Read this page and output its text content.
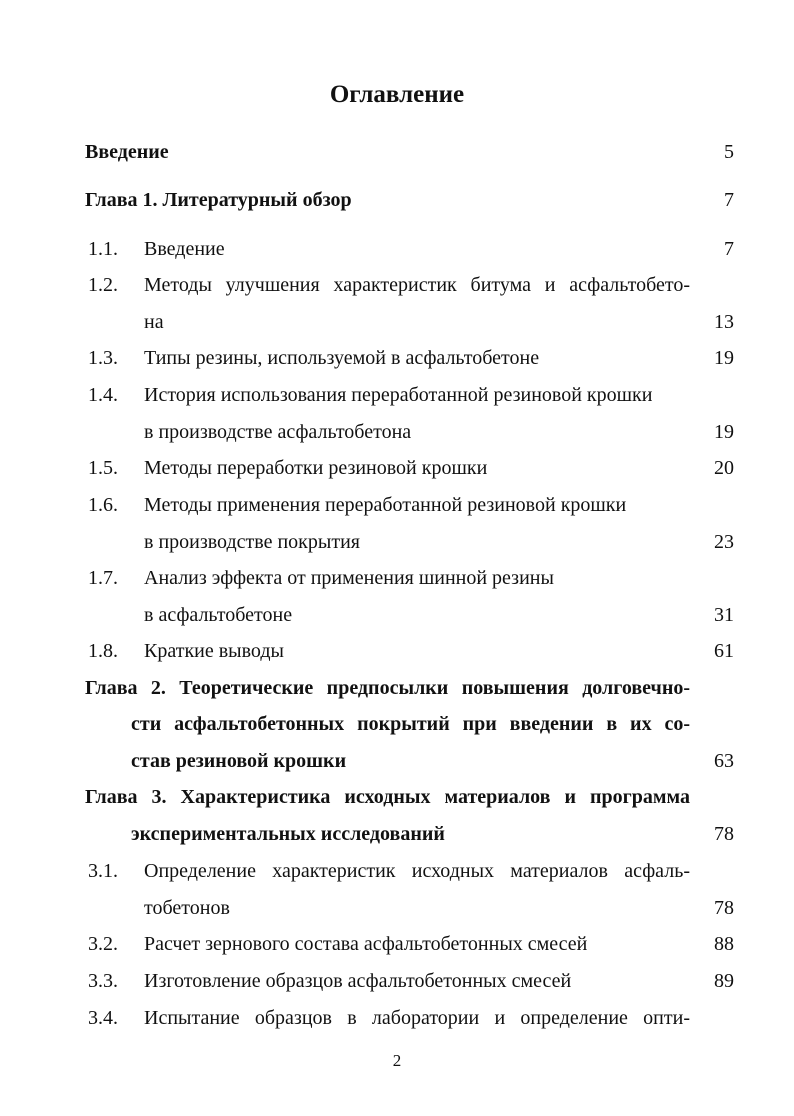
Оглавление
Введение	5
Глава 1. Литературный обзор	7
1.1. Введение	7
1.2. Методы улучшения характеристик битума и асфальтобето-
на	13
1.3. Типы резины, используемой в асфальтобетоне	19
1.4. История использования переработанной резиновой крошки
в производстве асфальтобетона	19
1.5. Методы переработки резиновой крошки	20
1.6. Методы применения переработанной резиновой крошки
в производстве покрытия	23
1.7. Анализ эффекта от применения шинной резины
в асфальтобетоне	31
1.8. Краткие выводы	61
Глава 2. Теоретические предпосылки повышения долговечно-
сти асфальтобетонных покрытий при введении в их со-
став резиновой крошки	63
Глава 3. Характеристика исходных материалов и программа
экспериментальных исследований	78
3.1. Определение характеристик исходных материалов асфаль-
тобетонов	78
3.2. Расчет зернового состава асфальтобетонных смесей	88
3.3. Изготовление образцов асфальтобетонных смесей	89
3.4. Испытание образцов в лаборатории и определение опти-
2
